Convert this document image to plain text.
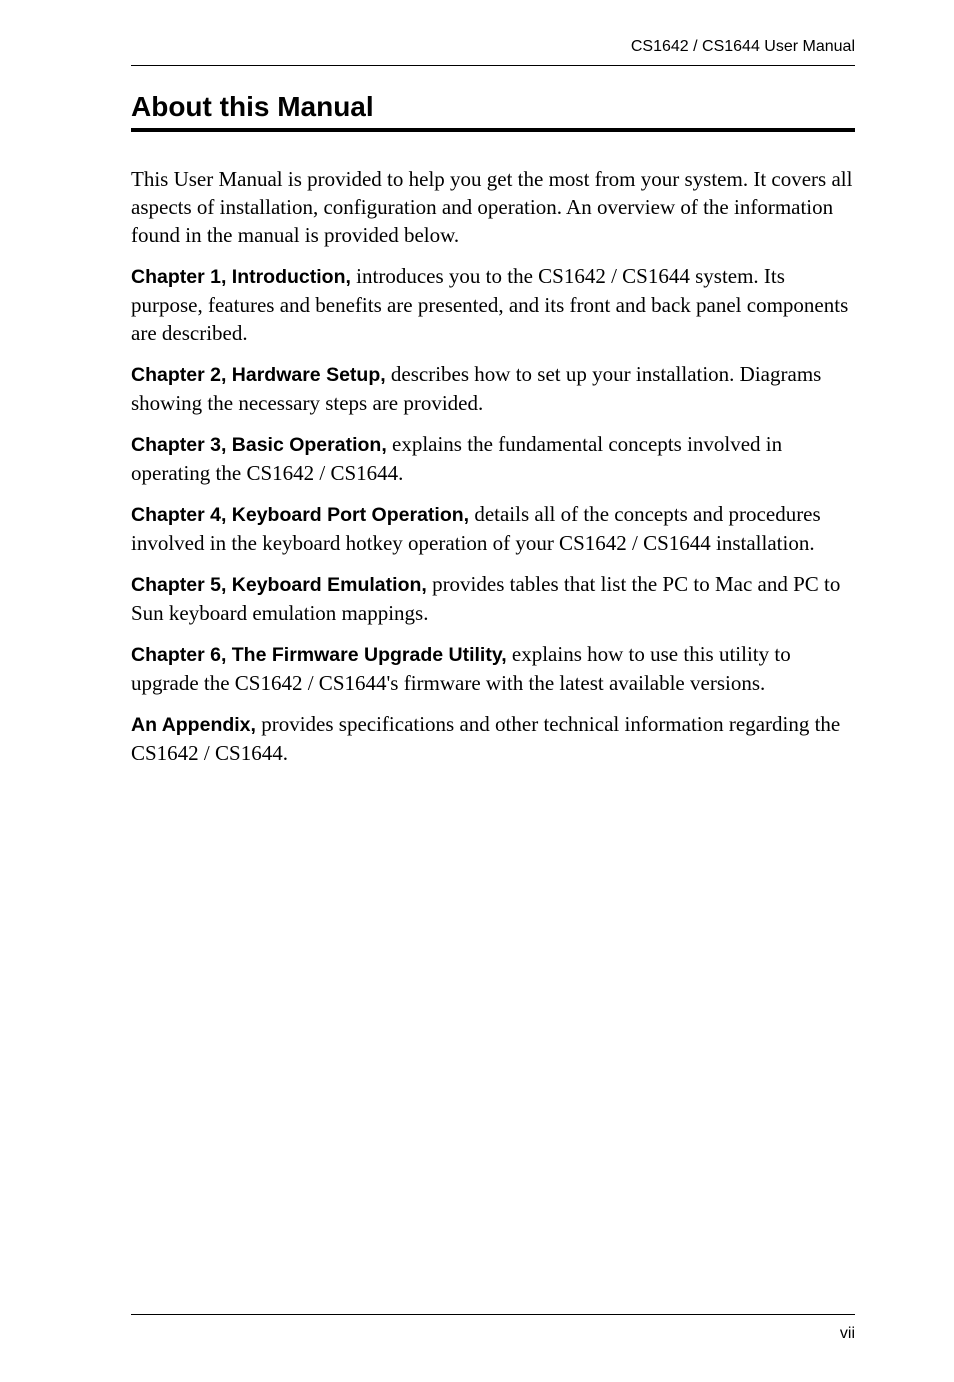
CS1642 / CS1644 User Manual
About this Manual

This User Manual is provided to help you get the most from your system. It covers all aspects of installation, configuration and operation. An overview of the information found in the manual is provided below.

Chapter 1, Introduction, introduces you to the CS1642 / CS1644 system. Its purpose, features and benefits are presented, and its front and back panel components are described.

Chapter 2, Hardware Setup, describes how to set up your installation. Diagrams showing the necessary steps are provided.

Chapter 3, Basic Operation, explains the fundamental concepts involved in operating the CS1642 / CS1644.

Chapter 4, Keyboard Port Operation, details all of the concepts and procedures involved in the keyboard hotkey operation of your CS1642 / CS1644 installation.

Chapter 5, Keyboard Emulation, provides tables that list the PC to Mac and PC to Sun keyboard emulation mappings.

Chapter 6, The Firmware Upgrade Utility, explains how to use this utility to upgrade the CS1642 / CS1644's firmware with the latest available versions.

An Appendix, provides specifications and other technical information regarding the CS1642 / CS1644.

vii
